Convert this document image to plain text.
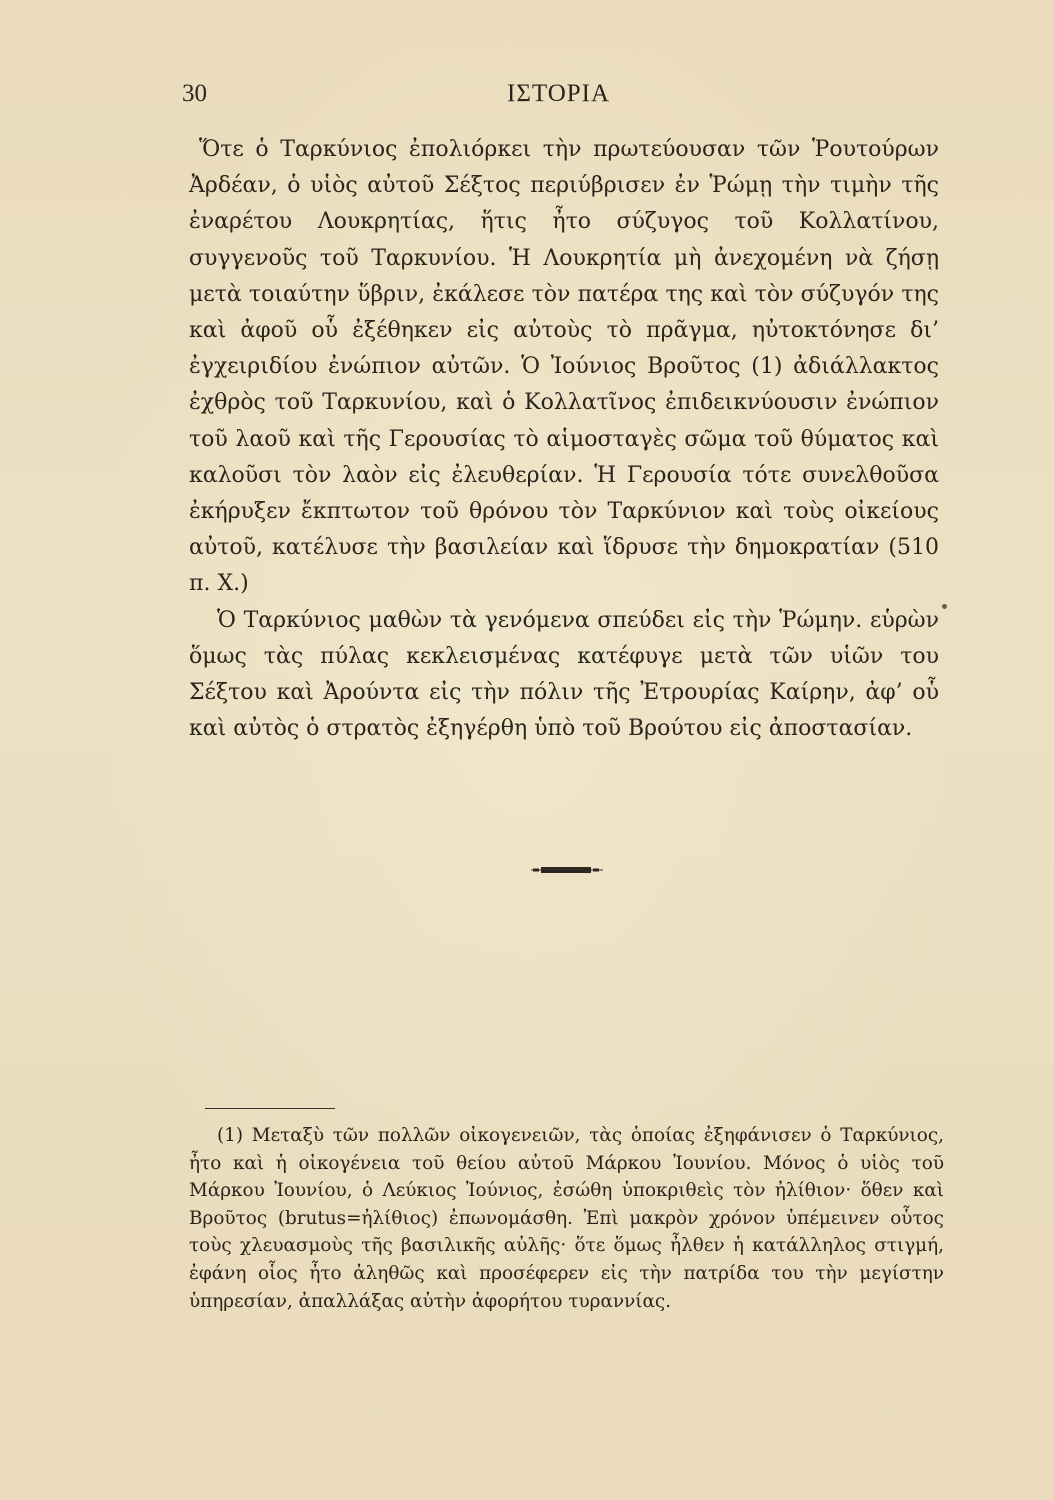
30	ΙΣΤΟΡΙΑ

Ὅτε ὁ Ταρκύνιος ἐπολιόρκει τὴν πρωτεύουσαν τῶν Ῥουτούρων Ἀρδέαν, ὁ υἱὸς αὐτοῦ Σέξτος περιύβρισεν ἐν Ῥώμῃ τὴν τιμὴν τῆς ἐναρέτου Λουκρητίας, ἥτις ἦτο σύζυγος τοῦ Κολλατίνου, συγγενοῦς τοῦ Ταρκυνίου. Ἡ Λουκρητία μὴ ἀνεχομένη νὰ ζήσῃ μετὰ τοιαύτην ὕβριν, ἐκάλεσε τὸν πατέρα της καὶ τὸν σύζυγόν της καὶ ἀφοῦ οὗ ἐξέθηκεν εἰς αὐτοὺς τὸ πρᾶγμα, ηὐτοκτόνησε δι’ ἐγχειριδίου ἐνώπιον αὐτῶν. Ὁ Ἰούνιος Βροῦτος (1) ἀδιάλλακτος ἐχθρὸς τοῦ Ταρκυνίου, καὶ ὁ Κολλατῖνος ἐπιδεικνύουσιν ἐνώπιον τοῦ λαοῦ καὶ τῆς Γερουσίας τὸ αἱμοσταγὲς σῶμα τοῦ θύματος καὶ καλοῦσι τὸν λαὸν εἰς ἐλευθερίαν. Ἡ Γερουσία τότε συνελθοῦσα ἐκήρυξεν ἔκπτωτον τοῦ θρόνου τὸν Ταρκύνιον καὶ τοὺς οἰκείους αὐτοῦ, κατέλυσε τὴν βασιλείαν καὶ ἵδρυσε τὴν δημοκρατίαν (510 π. Χ.)

Ὁ Ταρκύνιος μαθὼν τὰ γενόμενα σπεύδει εἰς τὴν Ῥώμην. εὑρὼν ὅμως τὰς πύλας κεκλεισμένας κατέφυγε μετὰ τῶν υἱῶν του Σέξτου καὶ Ἀρούντα εἰς τὴν πόλιν τῆς Ἐτρουρίας Καίρην, ἀφ’ οὗ καὶ αὐτὸς ὁ στρατὸς ἐξηγέρθη ὑπὸ τοῦ Βρούτου εἰς ἀποστασίαν.

(1) Μεταξὺ τῶν πολλῶν οἰκογενειῶν, τὰς ὁποίας ἐξηφάνισεν ὁ Ταρκύνιος, ἦτο καὶ ἡ οἰκογένεια τοῦ θείου αὐτοῦ Μάρκου Ἰουνίου. Μόνος ὁ υἱὸς τοῦ Μάρκου Ἰουνίου, ὁ Λεύκιος Ἰούνιος, ἐσώθη ὑποκριθεὶς τὸν ἠλίθιον· ὅθεν καὶ Βροῦτος (brutus=ἠλίθιος) ἐπωνομάσθη. Ἐπὶ μακρὸν χρόνον ὑπέμεινεν οὗτος τοὺς χλευασμοὺς τῆς βασιλικῆς αὐλῆς· ὅτε ὅμως ἦλθεν ἡ κατάλληλος στιγμή, ἐφάνη οἷος ἦτο ἀληθῶς καὶ προσέφερεν εἰς τὴν πατρίδα του τὴν μεγίστην ὑπηρεσίαν, ἀπαλλάξας αὐτὴν ἀφορήτου τυραννίας.
